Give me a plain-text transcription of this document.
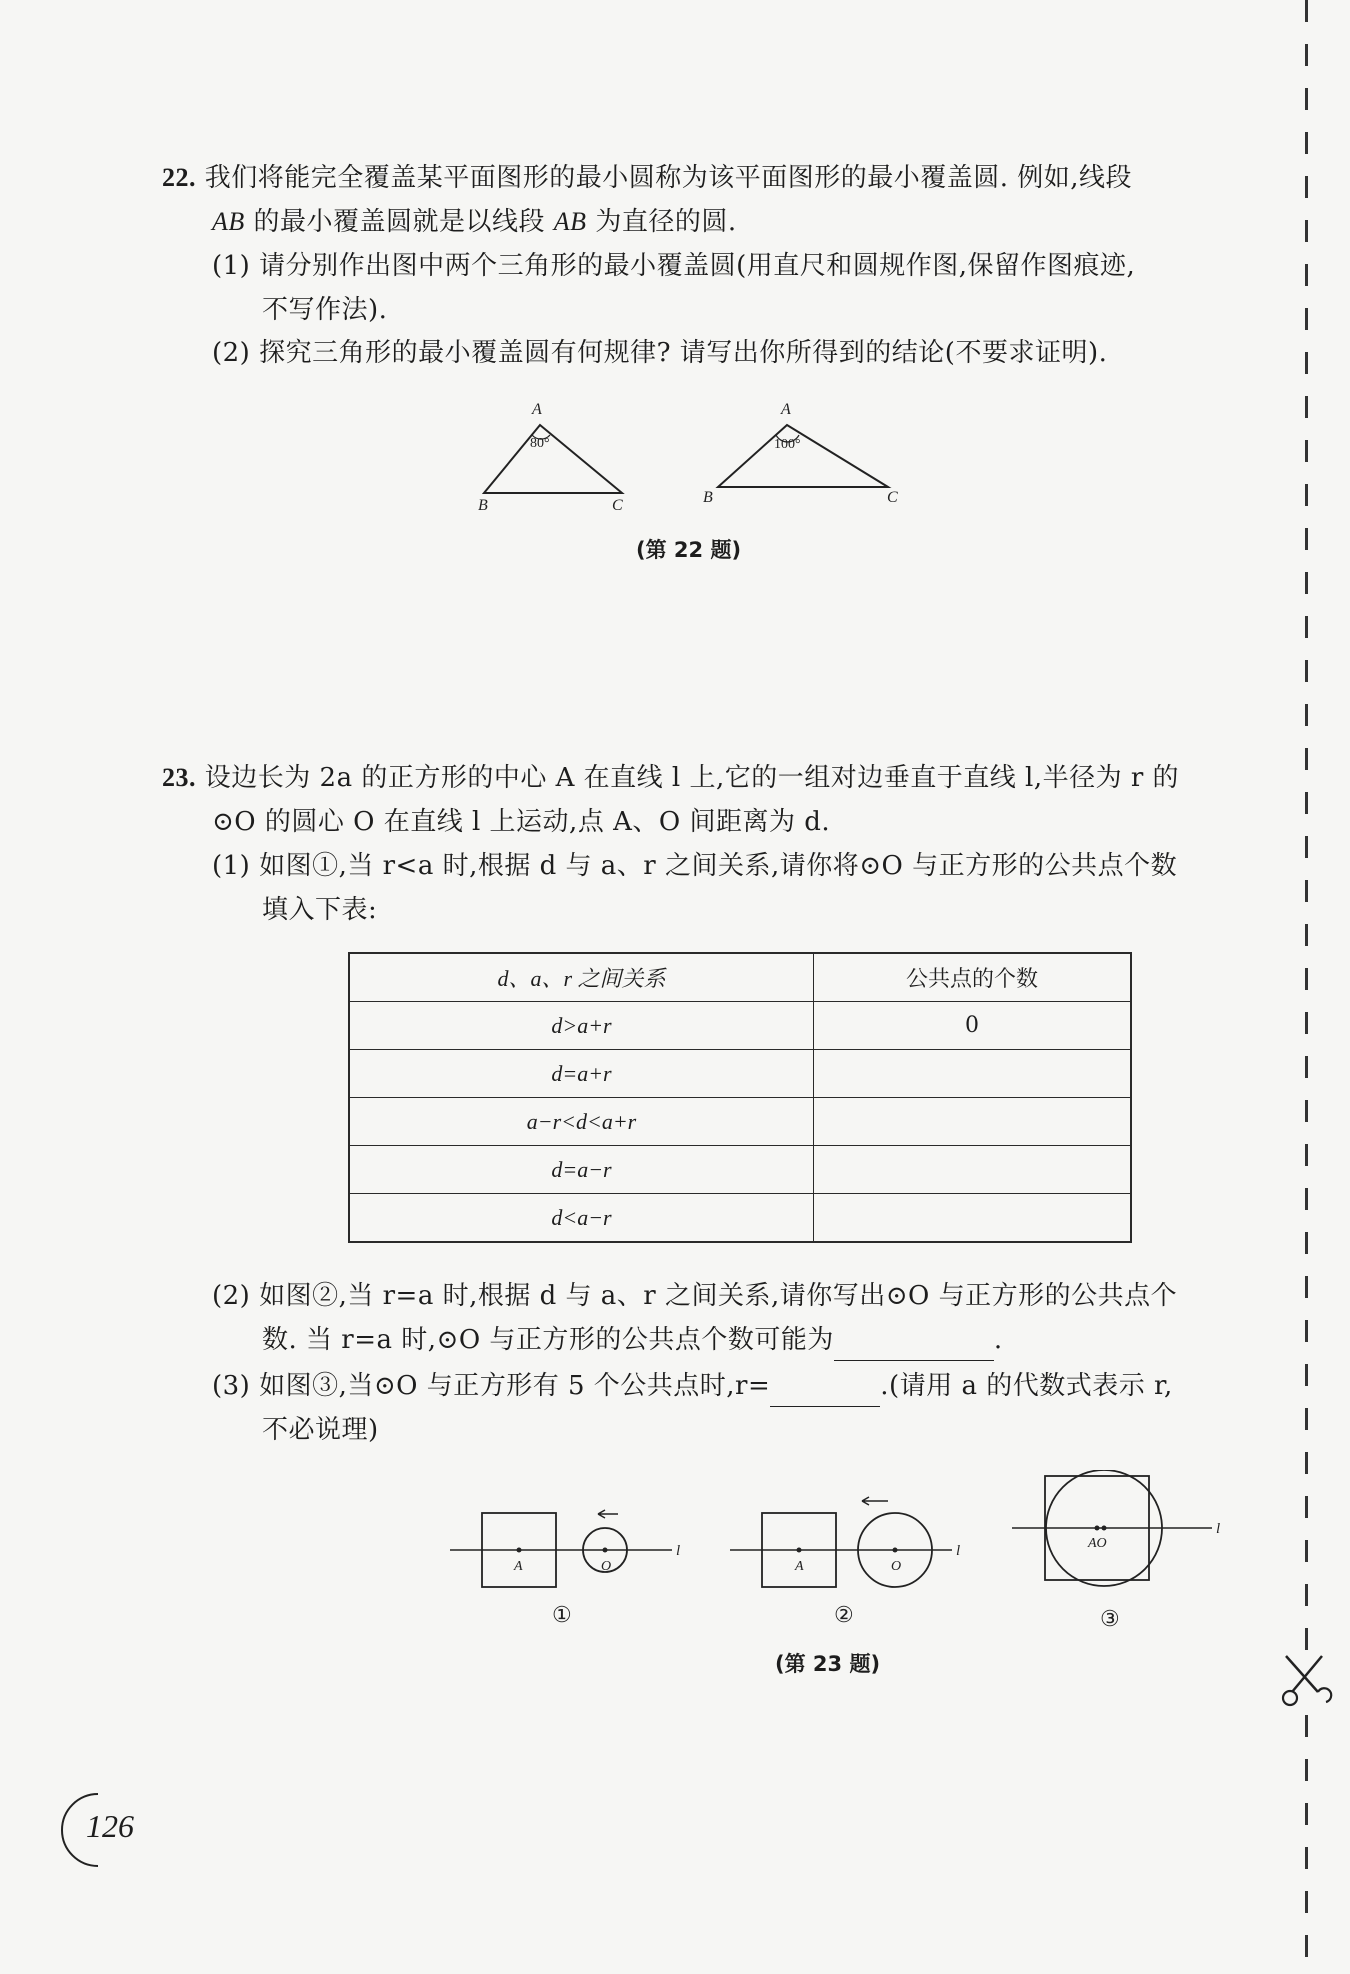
22. 我们将能完全覆盖某平面图形的最小圆称为该平面图形的最小覆盖圆. 例如,线段
AB 的最小覆盖圆就是以线段 AB 为直径的圆.
(1) 请分别作出图中两个三角形的最小覆盖圆(用直尺和圆规作图,保留作图痕迹,
不写作法).
(2) 探究三角形的最小覆盖圆有何规律? 请写出你所得到的结论(不要求证明).
A
B	C
80°
A
B	C
100°
(第 22 题)
23. 设边长为 2a 的正方形的中心 A 在直线 l 上,它的一组对边垂直于直线 l,半径为 r 的
⊙O 的圆心 O 在直线 l 上运动,点 A、O 间距离为 d.
(1) 如图①,当 r<a 时,根据 d 与 a、r 之间关系,请你将⊙O 与正方形的公共点个数
填入下表:
d、a、r 之间关系	公共点的个数
d>a+r	0
d=a+r	
a−r<d<a+r	
d=a−r	
d<a−r	
(2) 如图②,当 r=a 时,根据 d 与 a、r 之间关系,请你写出⊙O 与正方形的公共点个
数. 当 r=a 时,⊙O 与正方形的公共点个数可能为	.
(3) 如图③,当⊙O 与正方形有 5 个公共点时,r=	.(请用 a 的代数式表示 r,
不必说理)
A	O
l
①
A	O
l
②
AO
l
③
(第 23 题)
126
